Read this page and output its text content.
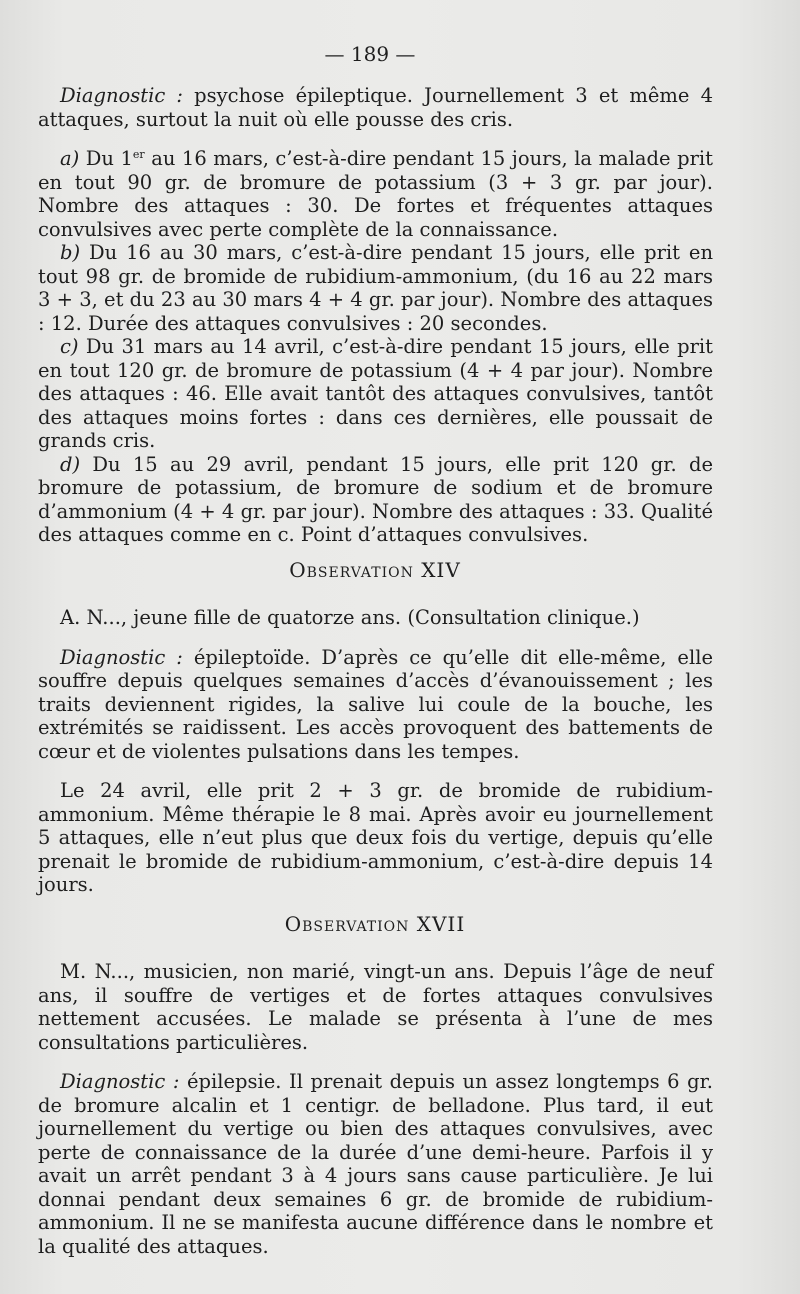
— 189 —

Diagnostic : psychose épileptique. Journellement 3 et même 4 attaques, surtout la nuit où elle pousse des cris.

a) Du 1er au 16 mars, c’est-à-dire pendant 15 jours, la malade prit en tout 90 gr. de bromure de potassium (3 + 3 gr. par jour). Nombre des attaques : 30. De fortes et fréquentes attaques convulsives avec perte complète de la connaissance.

b) Du 16 au 30 mars, c’est-à-dire pendant 15 jours, elle prit en tout 98 gr. de bromide de rubidium-ammonium, (du 16 au 22 mars 3 + 3, et du 23 au 30 mars 4 + 4 gr. par jour). Nombre des attaques : 12. Durée des attaques convulsives : 20 secondes.

c) Du 31 mars au 14 avril, c’est-à-dire pendant 15 jours, elle prit en tout 120 gr. de bromure de potassium (4 + 4 par jour). Nombre des attaques : 46. Elle avait tantôt des attaques convulsives, tantôt des attaques moins fortes : dans ces dernières, elle poussait de grands cris.

d) Du 15 au 29 avril, pendant 15 jours, elle prit 120 gr. de bromure de potassium, de bromure de sodium et de bromure d’ammonium (4 + 4 gr. par jour). Nombre des attaques : 33. Qualité des attaques comme en c. Point d’attaques convulsives.

Observation XIV

A. N..., jeune fille de quatorze ans. (Consultation clinique.)

Diagnostic : épileptoïde. D’après ce qu’elle dit elle-même, elle souffre depuis quelques semaines d’accès d’évanouissement ; les traits deviennent rigides, la salive lui coule de la bouche, les extrémités se raidissent. Les accès provoquent des battements de cœur et de violentes pulsations dans les tempes.

Le 24 avril, elle prit 2 + 3 gr. de bromide de rubidium-ammonium. Même thérapie le 8 mai. Après avoir eu journellement 5 attaques, elle n’eut plus que deux fois du vertige, depuis qu’elle prenait le bromide de rubidium-ammonium, c’est-à-dire depuis 14 jours.

Observation XVII

M. N..., musicien, non marié, vingt-un ans. Depuis l’âge de neuf ans, il souffre de vertiges et de fortes attaques convulsives nettement accusées. Le malade se présenta à l’une de mes consultations particulières.

Diagnostic : épilepsie. Il prenait depuis un assez longtemps 6 gr. de bromure alcalin et 1 centigr. de belladone. Plus tard, il eut journellement du vertige ou bien des attaques convulsives, avec perte de connaissance de la durée d’une demi-heure. Parfois il y avait un arrêt pendant 3 à 4 jours sans cause particulière. Je lui donnai pendant deux semaines 6 gr. de bromide de rubidium-ammonium. Il ne se manifesta aucune différence dans le nombre et la qualité des attaques.
